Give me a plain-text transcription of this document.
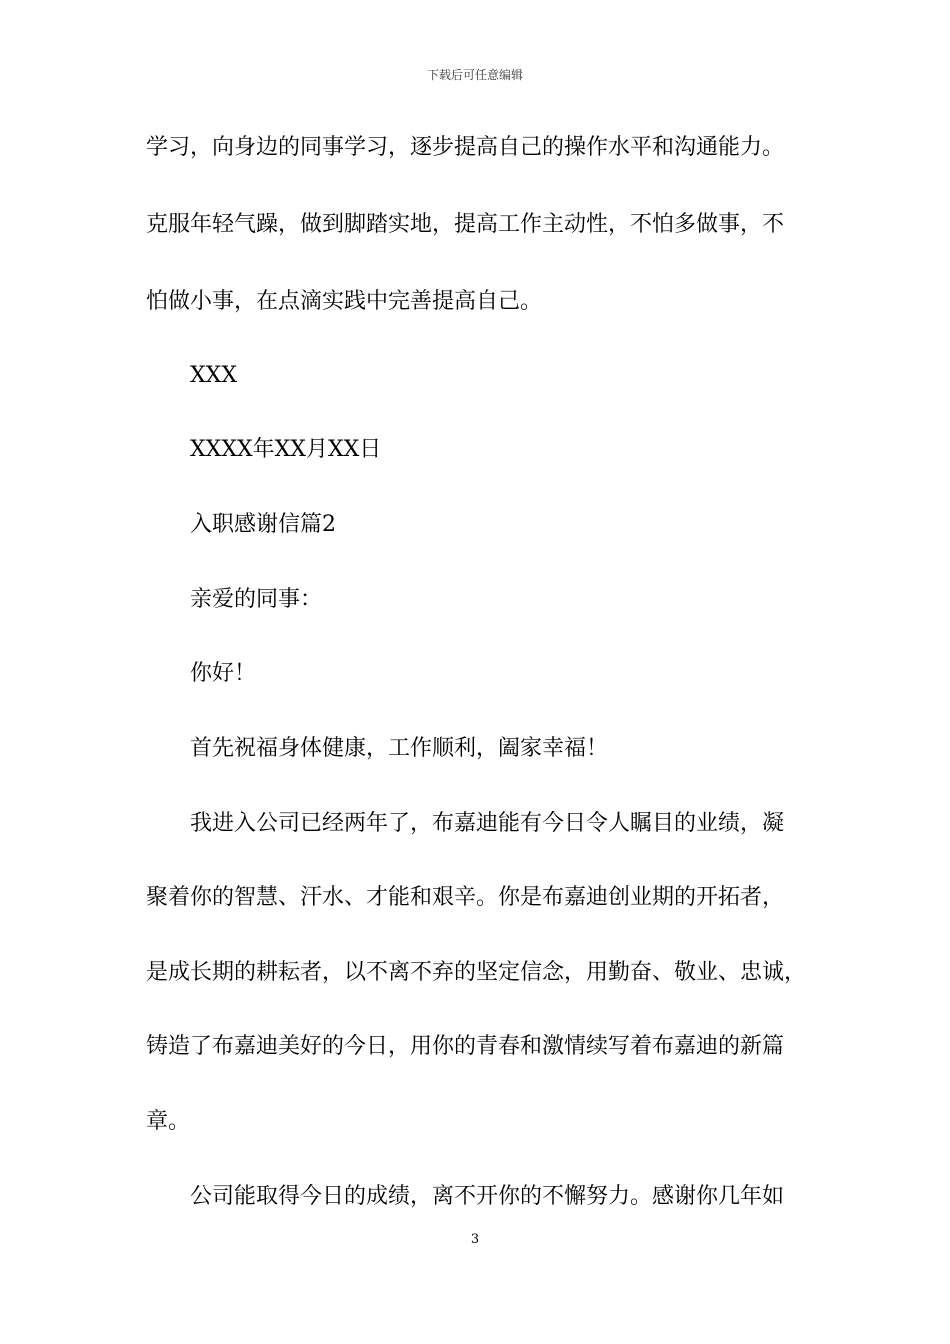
下载后可任意编辑
学习，向身边的同事学习，逐步提高自己的操作水平和沟通能力。
克服年轻气躁，做到脚踏实地，提高工作主动性，不怕多做事，不
怕做小事，在点滴实践中完善提高自己。
XXX
XXXX年XX月XX日
入职感谢信篇2
亲爱的同事：
你好！
首先祝福身体健康，工作顺利，阖家幸福！
我进入公司已经两年了，布嘉迪能有今日令人瞩目的业绩，凝
聚着你的智慧、汗水、才能和艰辛。你是布嘉迪创业期的开拓者，
是成长期的耕耘者，以不离不弃的坚定信念，用勤奋、敬业、忠诚，
铸造了布嘉迪美好的今日，用你的青春和激情续写着布嘉迪的新篇
章。
公司能取得今日的成绩，离不开你的不懈努力。感谢你几年如
3
